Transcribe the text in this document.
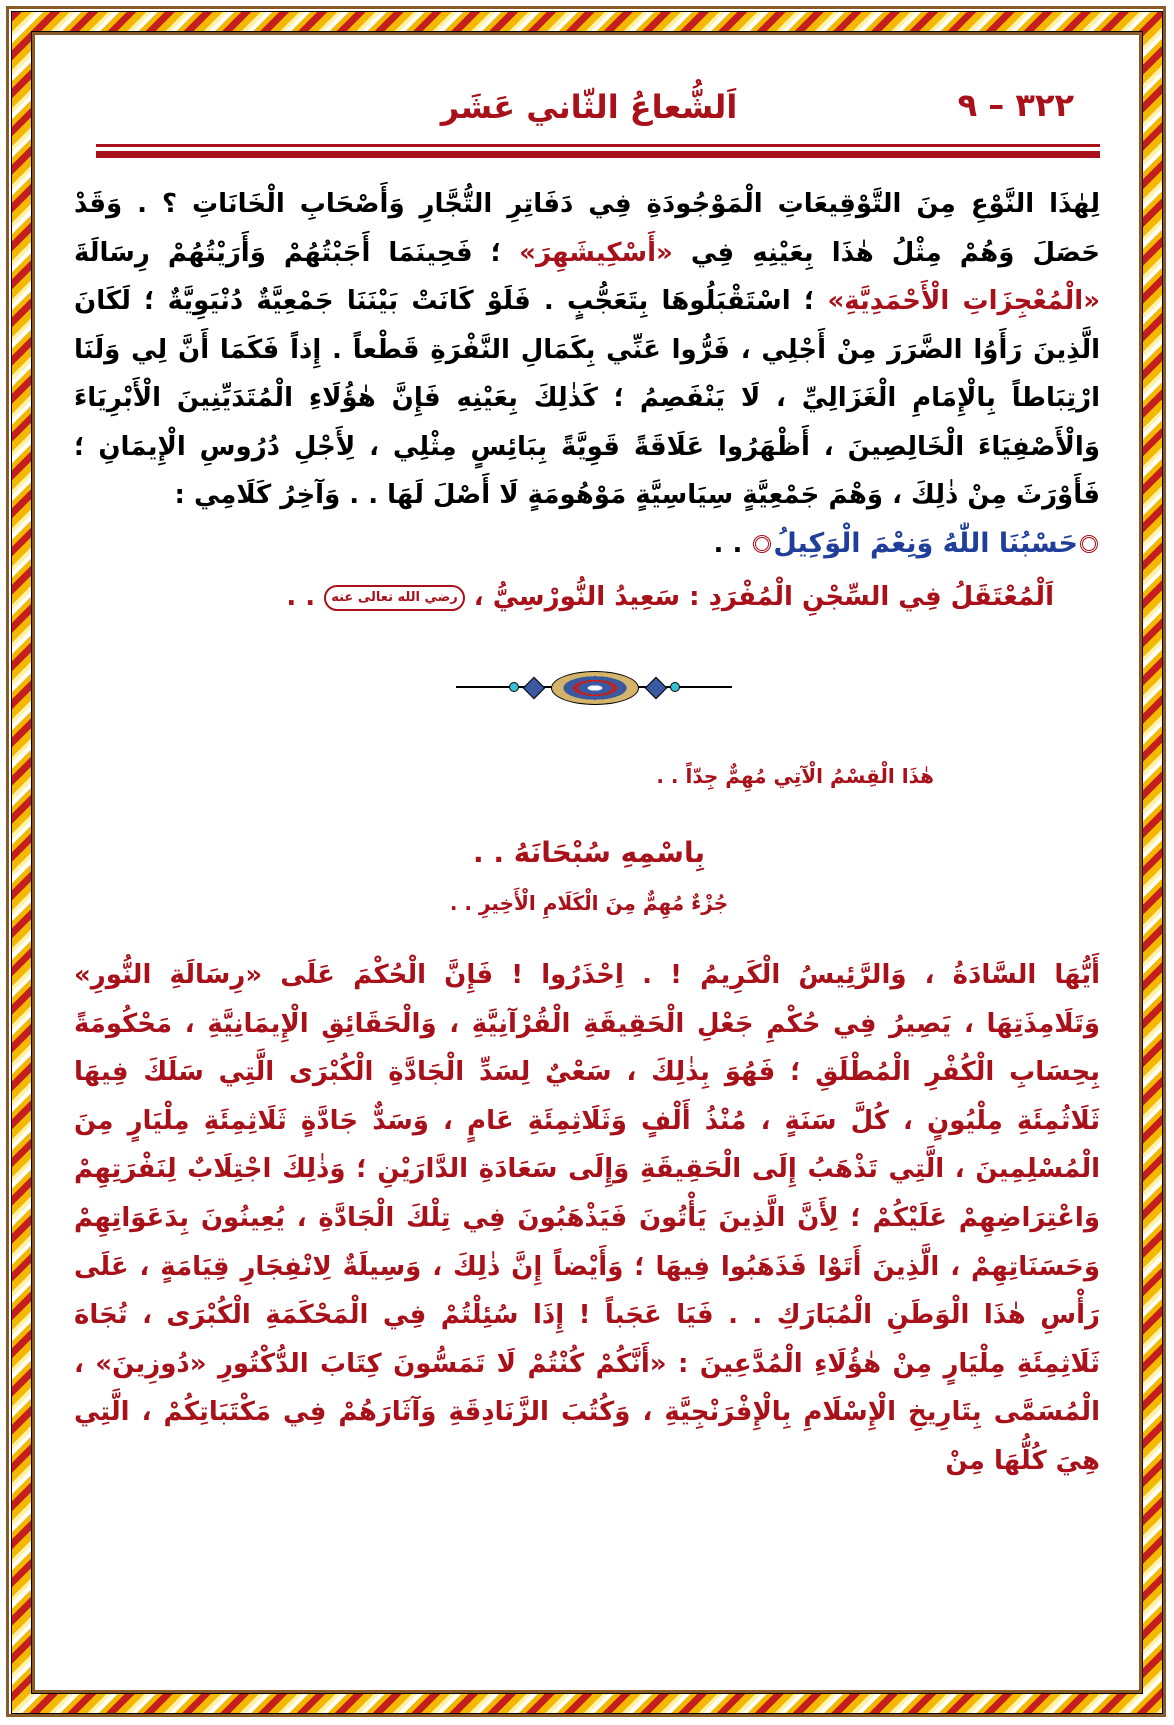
٣٢٢ – ٩
اَلشُّعاعُ الثّاني عَشَر

لِهٰذَا النَّوْعِ مِنَ التَّوْقِيعَاتِ الْمَوْجُودَةِ فِي دَفَاتِرِ التُّجَّارِ وَأَصْحَابِ الْخَانَاتِ ؟ . وَقَدْ حَصَلَ وَهُمْ مِثْلُ هٰذَا بِعَيْنِهِ فِي «أَسْكِيشَهِرَ» ؛ فَحِينَمَا أَجَبْتُهُمْ وَأَرَيْتُهُمْ رِسَالَةَ «الْمُعْجِزَاتِ الْأَحْمَدِيَّةِ» ؛ اسْتَقْبَلُوهَا بِتَعَجُّبٍ . فَلَوْ كَانَتْ بَيْنَنَا جَمْعِيَّةٌ دُنْيَوِيَّةٌ ؛ لَكَانَ الَّذِينَ رَأَوُا الضَّرَرَ مِنْ أَجْلِي ، فَرُّوا عَنِّي بِكَمَالِ النَّفْرَةِ قَطْعاً . إِذاً فَكَمَا أَنَّ لِي وَلَنَا ارْتِبَاطاً بِالْإِمَامِ الْغَزَالِيِّ ، لَا يَنْفَصِمُ ؛ كَذٰلِكَ بِعَيْنِهِ فَإِنَّ هٰؤُلَاءِ الْمُتَدَيِّنِينَ الْأَبْرِيَاءَ وَالْأَصْفِيَاءَ الْخَالِصِينَ ، أَظْهَرُوا عَلَاقَةً قَوِيَّةً بِبَائِسٍ مِثْلِي ، لِأَجْلِ دُرُوسِ الْإِيمَانِ ؛ فَأَوْرَثَ مِنْ ذٰلِكَ ، وَهْمَ جَمْعِيَّةٍ سِيَاسِيَّةٍ مَوْهُومَةٍ لَا أَصْلَ لَهَا . . وَآخِرُ كَلَامِي :
حَسْبُنَا اللّٰهُ وَنِعْمَ الْوَكِيلُ . .

اَلْمُعْتَقَلُ فِي السِّجْنِ الْمُفْرَدِ : سَعِيدُ النُّورْسِيُّ ، رضي الله تعالى عنه . .
هٰذَا الْقِسْمُ الْآتِي مُهِمٌّ جِدّاً . .
بِاسْمِهِ سُبْحَانَهُ . .
جُزْءٌ مُهِمٌّ مِنَ الْكَلَامِ الْأَخِيرِ . .

أَيُّهَا السَّادَةُ ، وَالرَّئِيسُ الْكَرِيمُ ! . اِحْذَرُوا ! فَإِنَّ الْحُكْمَ عَلَى «رِسَالَةِ النُّورِ» وَتَلَامِذَتِهَا ، يَصِيرُ فِي حُكْمِ جَعْلِ الْحَقِيقَةِ الْقُرْآنِيَّةِ ، وَالْحَقَائِقِ الْإِيمَانِيَّةِ ، مَحْكُومَةً بِحِسَابِ الْكُفْرِ الْمُطْلَقِ ؛ فَهُوَ بِذٰلِكَ ، سَعْيٌ لِسَدِّ الْجَادَّةِ الْكُبْرَى الَّتِي سَلَكَ فِيهَا ثَلَاثُمِئَةِ مِلْيُونٍ ، كُلَّ سَنَةٍ ، مُنْذُ أَلْفٍ وَثَلَاثِمِئَةِ عَامٍ ، وَسَدٌّ جَادَّةٍ ثَلَاثِمِئَةِ مِلْيَارٍ مِنَ الْمُسْلِمِينَ ، الَّتِي تَذْهَبُ إِلَى الْحَقِيقَةِ وَإِلَى سَعَادَةِ الدَّارَيْنِ ؛ وَذٰلِكَ اجْتِلَابٌ لِنَفْرَتِهِمْ وَاعْتِرَاضِهِمْ عَلَيْكُمْ ؛ لِأَنَّ الَّذِينَ يَأْتُونَ فَيَذْهَبُونَ فِي تِلْكَ الْجَادَّةِ ، يُعِينُونَ بِدَعَوَاتِهِمْ وَحَسَنَاتِهِمْ ، الَّذِينَ أَتَوْا فَذَهَبُوا فِيهَا ؛ وَأَيْضاً إِنَّ ذٰلِكَ ، وَسِيلَةٌ لِانْفِجَارِ قِيَامَةٍ ، عَلَى رَأْسِ هٰذَا الْوَطَنِ الْمُبَارَكِ . . فَيَا عَجَباً ! إِذَا سُئِلْتُمْ فِي الْمَحْكَمَةِ الْكُبْرَى ، تُجَاهَ ثَلَاثِمِئَةِ مِلْيَارٍ مِنْ هٰؤُلَاءِ الْمُدَّعِينَ : «أَنَّكُمْ كُنْتُمْ لَا تَمَسُّونَ كِتَابَ الدُّكْتُورِ «دُوزِينَ» ، الْمُسَمَّى بِتَارِيخِ الْإِسْلَامِ بِالْإِفْرَنْجِيَّةِ ، وَكُتُبَ الزَّنَادِقَةِ وَآثَارَهُمْ فِي مَكْتَبَاتِكُمْ ، الَّتِي هِيَ كُلُّهَا مِنْ
